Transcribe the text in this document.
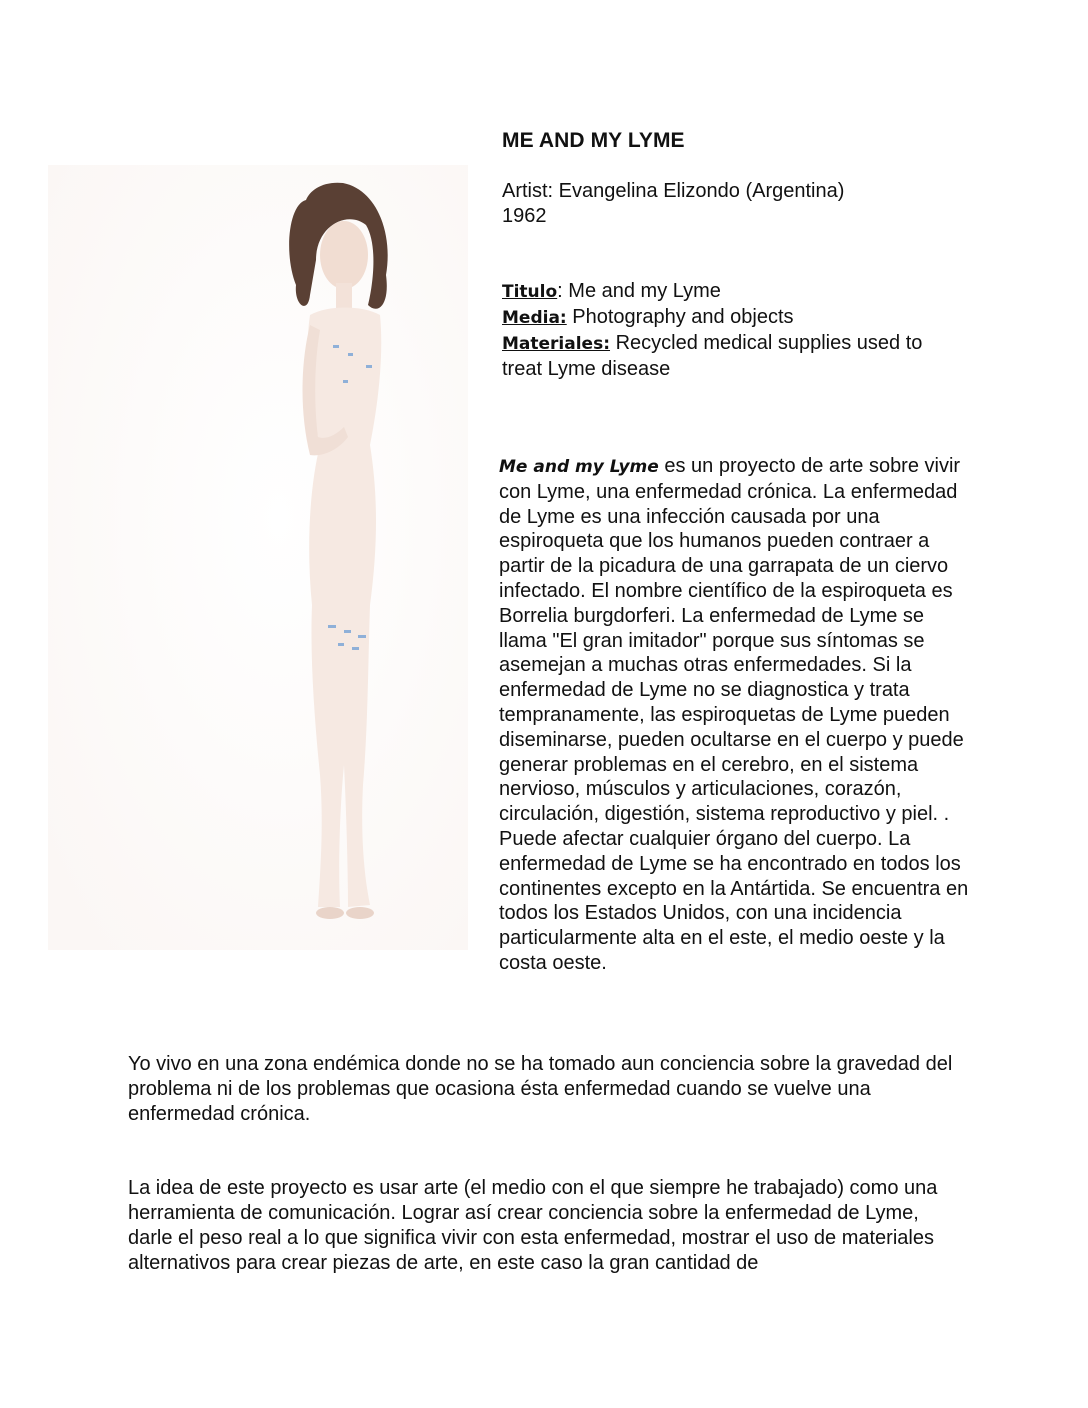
ME AND MY LYME
Artist: Evangelina Elizondo (Argentina)
1962
Titulo: Me and my Lyme
Media: Photography and objects
Materiales: Recycled medical supplies used to treat Lyme disease
Me and my Lyme es un proyecto de arte sobre vivir con Lyme, una enfermedad crónica. La enfermedad de Lyme es una infección causada por una espiroqueta que los humanos pueden contraer a partir de la picadura de una garrapata de un ciervo infectado. El nombre científico de la espiroqueta es Borrelia burgdorferi. La enfermedad de Lyme se llama "El gran imitador" porque sus síntomas se asemejan a muchas otras enfermedades. Si la enfermedad de Lyme no se diagnostica y trata tempranamente, las espiroquetas de Lyme pueden diseminarse, pueden ocultarse en el cuerpo y puede generar problemas en el cerebro, en el sistema nervioso, músculos y articulaciones, corazón, circulación, digestión, sistema reproductivo y piel. . Puede afectar cualquier órgano del cuerpo. La enfermedad de Lyme se ha encontrado en todos los continentes excepto en la Antártida. Se encuentra en todos los Estados Unidos, con una incidencia particularmente alta en el este, el medio oeste y la costa oeste.
Yo vivo en una zona endémica donde no se ha tomado aun conciencia sobre la gravedad del problema ni de los problemas que ocasiona ésta enfermedad cuando se vuelve una enfermedad crónica.
La idea de este proyecto es usar arte (el medio con el que siempre he trabajado) como una herramienta de comunicación. Lograr así crear conciencia sobre la enfermedad de Lyme, darle el peso real a lo que significa vivir con esta enfermedad, mostrar el uso de materiales alternativos para crear piezas de arte, en este caso la gran cantidad de
